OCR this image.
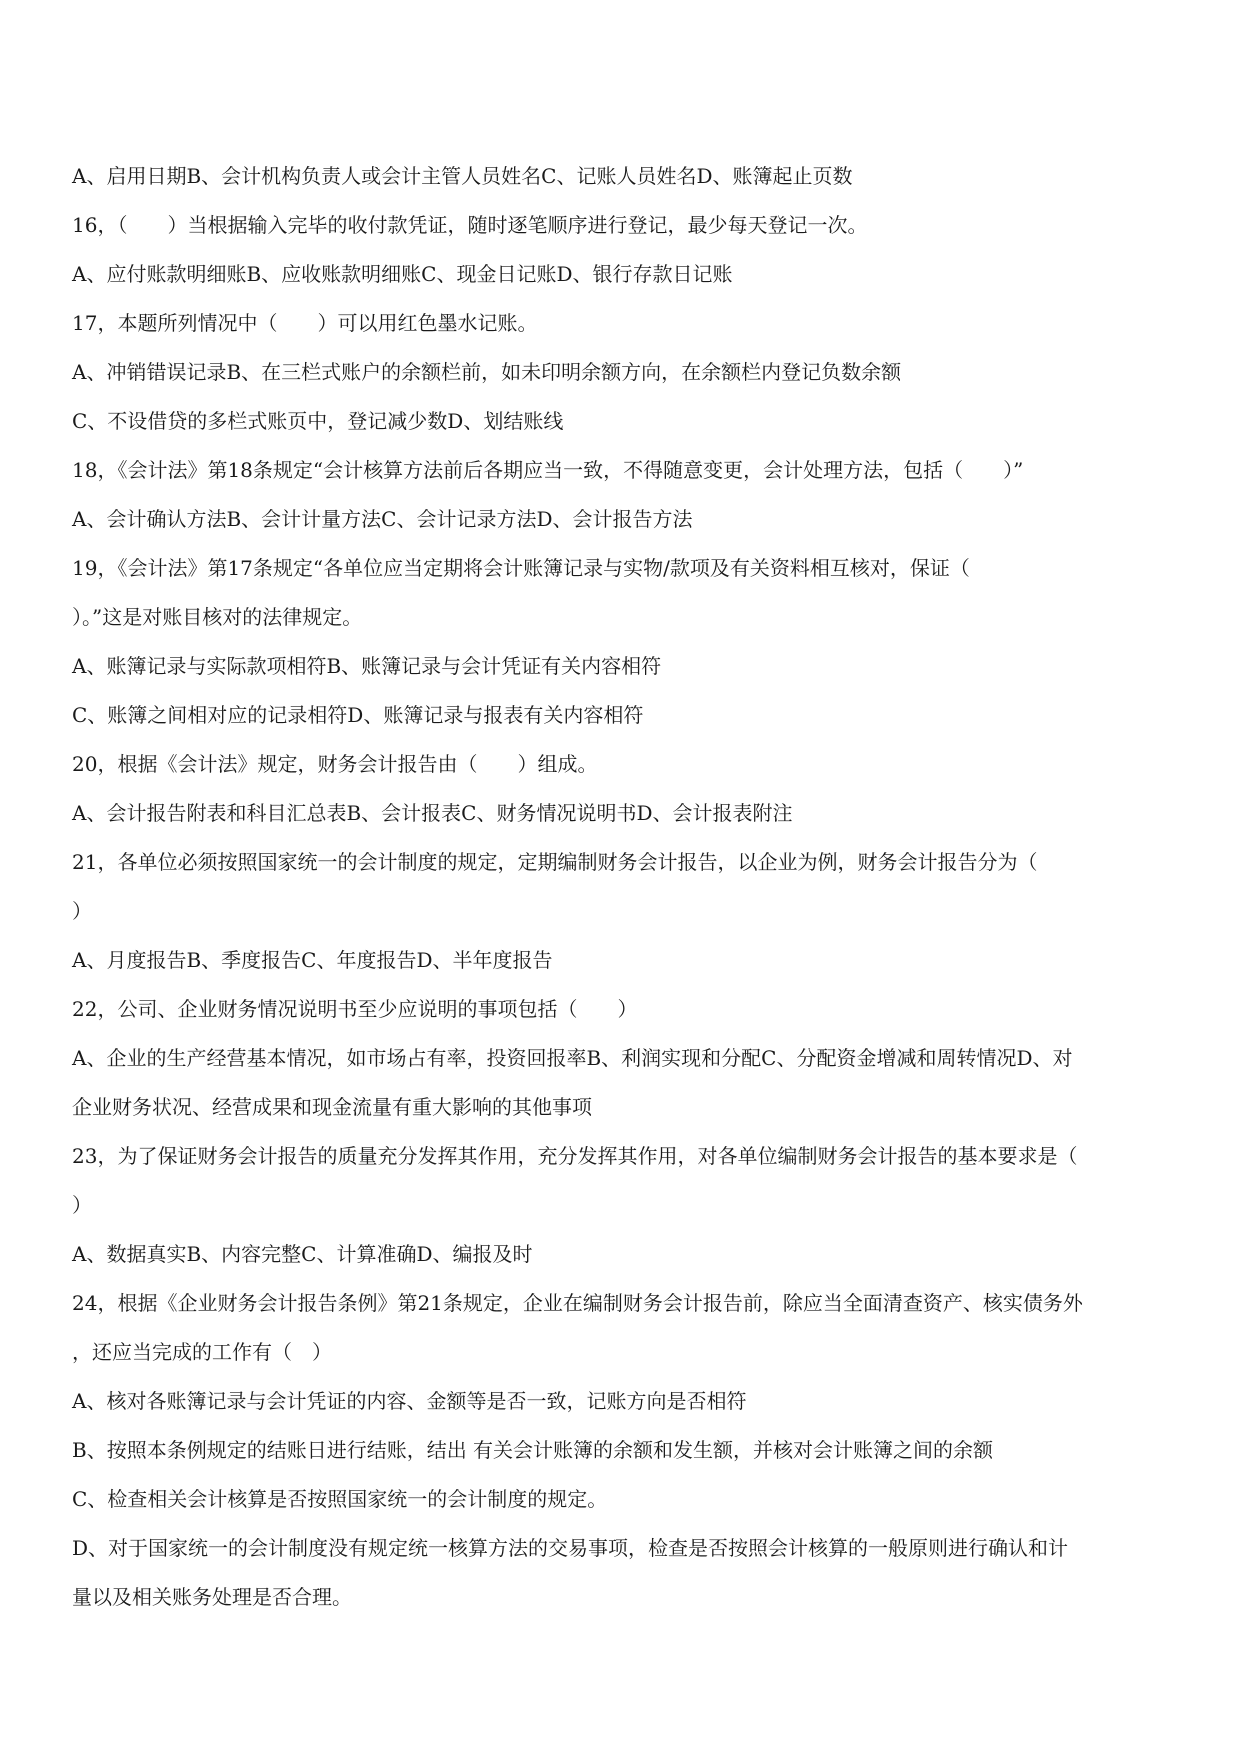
A、启用日期B、会计机构负责人或会计主管人员姓名C、记账人员姓名D、账簿起止页数

16，（　　）当根据输入完毕的收付款凭证，随时逐笔顺序进行登记，最少每天登记一次。

A、应付账款明细账B、应收账款明细账C、现金日记账D、银行存款日记账

17，本题所列情况中（　　）可以用红色墨水记账。

A、冲销错误记录B、在三栏式账户的余额栏前，如未印明余额方向，在余额栏内登记负数余额

C、不设借贷的多栏式账页中，登记减少数D、划结账线

18，《会计法》第18条规定“会计核算方法前后各期应当一致，不得随意变更，会计处理方法，包括（　　）”

A、会计确认方法B、会计计量方法C、会计记录方法D、会计报告方法

19，《会计法》第17条规定“各单位应当定期将会计账簿记录与实物/款项及有关资料相互核对，保证（

）。”这是对账目核对的法律规定。

A、账簿记录与实际款项相符B、账簿记录与会计凭证有关内容相符

C、账簿之间相对应的记录相符D、账簿记录与报表有关内容相符

20，根据《会计法》规定，财务会计报告由（　　）组成。

A、会计报告附表和科目汇总表B、会计报表C、财务情况说明书D、会计报表附注

21，各单位必须按照国家统一的会计制度的规定，定期编制财务会计报告，以企业为例，财务会计报告分为（

）

A、月度报告B、季度报告C、年度报告D、半年度报告

22，公司、企业财务情况说明书至少应说明的事项包括（　　）

A、企业的生产经营基本情况，如市场占有率，投资回报率B、利润实现和分配C、分配资金增减和周转情况D、对

企业财务状况、经营成果和现金流量有重大影响的其他事项

23，为了保证财务会计报告的质量充分发挥其作用，充分发挥其作用，对各单位编制财务会计报告的基本要求是（

）

A、数据真实B、内容完整C、计算准确D、编报及时

24，根据《企业财务会计报告条例》第21条规定，企业在编制财务会计报告前，除应当全面清查资产、核实债务外

，还应当完成的工作有（　）

A、核对各账簿记录与会计凭证的内容、金额等是否一致，记账方向是否相符

B、按照本条例规定的结账日进行结账，结出 有关会计账簿的余额和发生额，并核对会计账簿之间的余额

C、检查相关会计核算是否按照国家统一的会计制度的规定。

D、对于国家统一的会计制度没有规定统一核算方法的交易事项，检查是否按照会计核算的一般原则进行确认和计

量以及相关账务处理是否合理。
